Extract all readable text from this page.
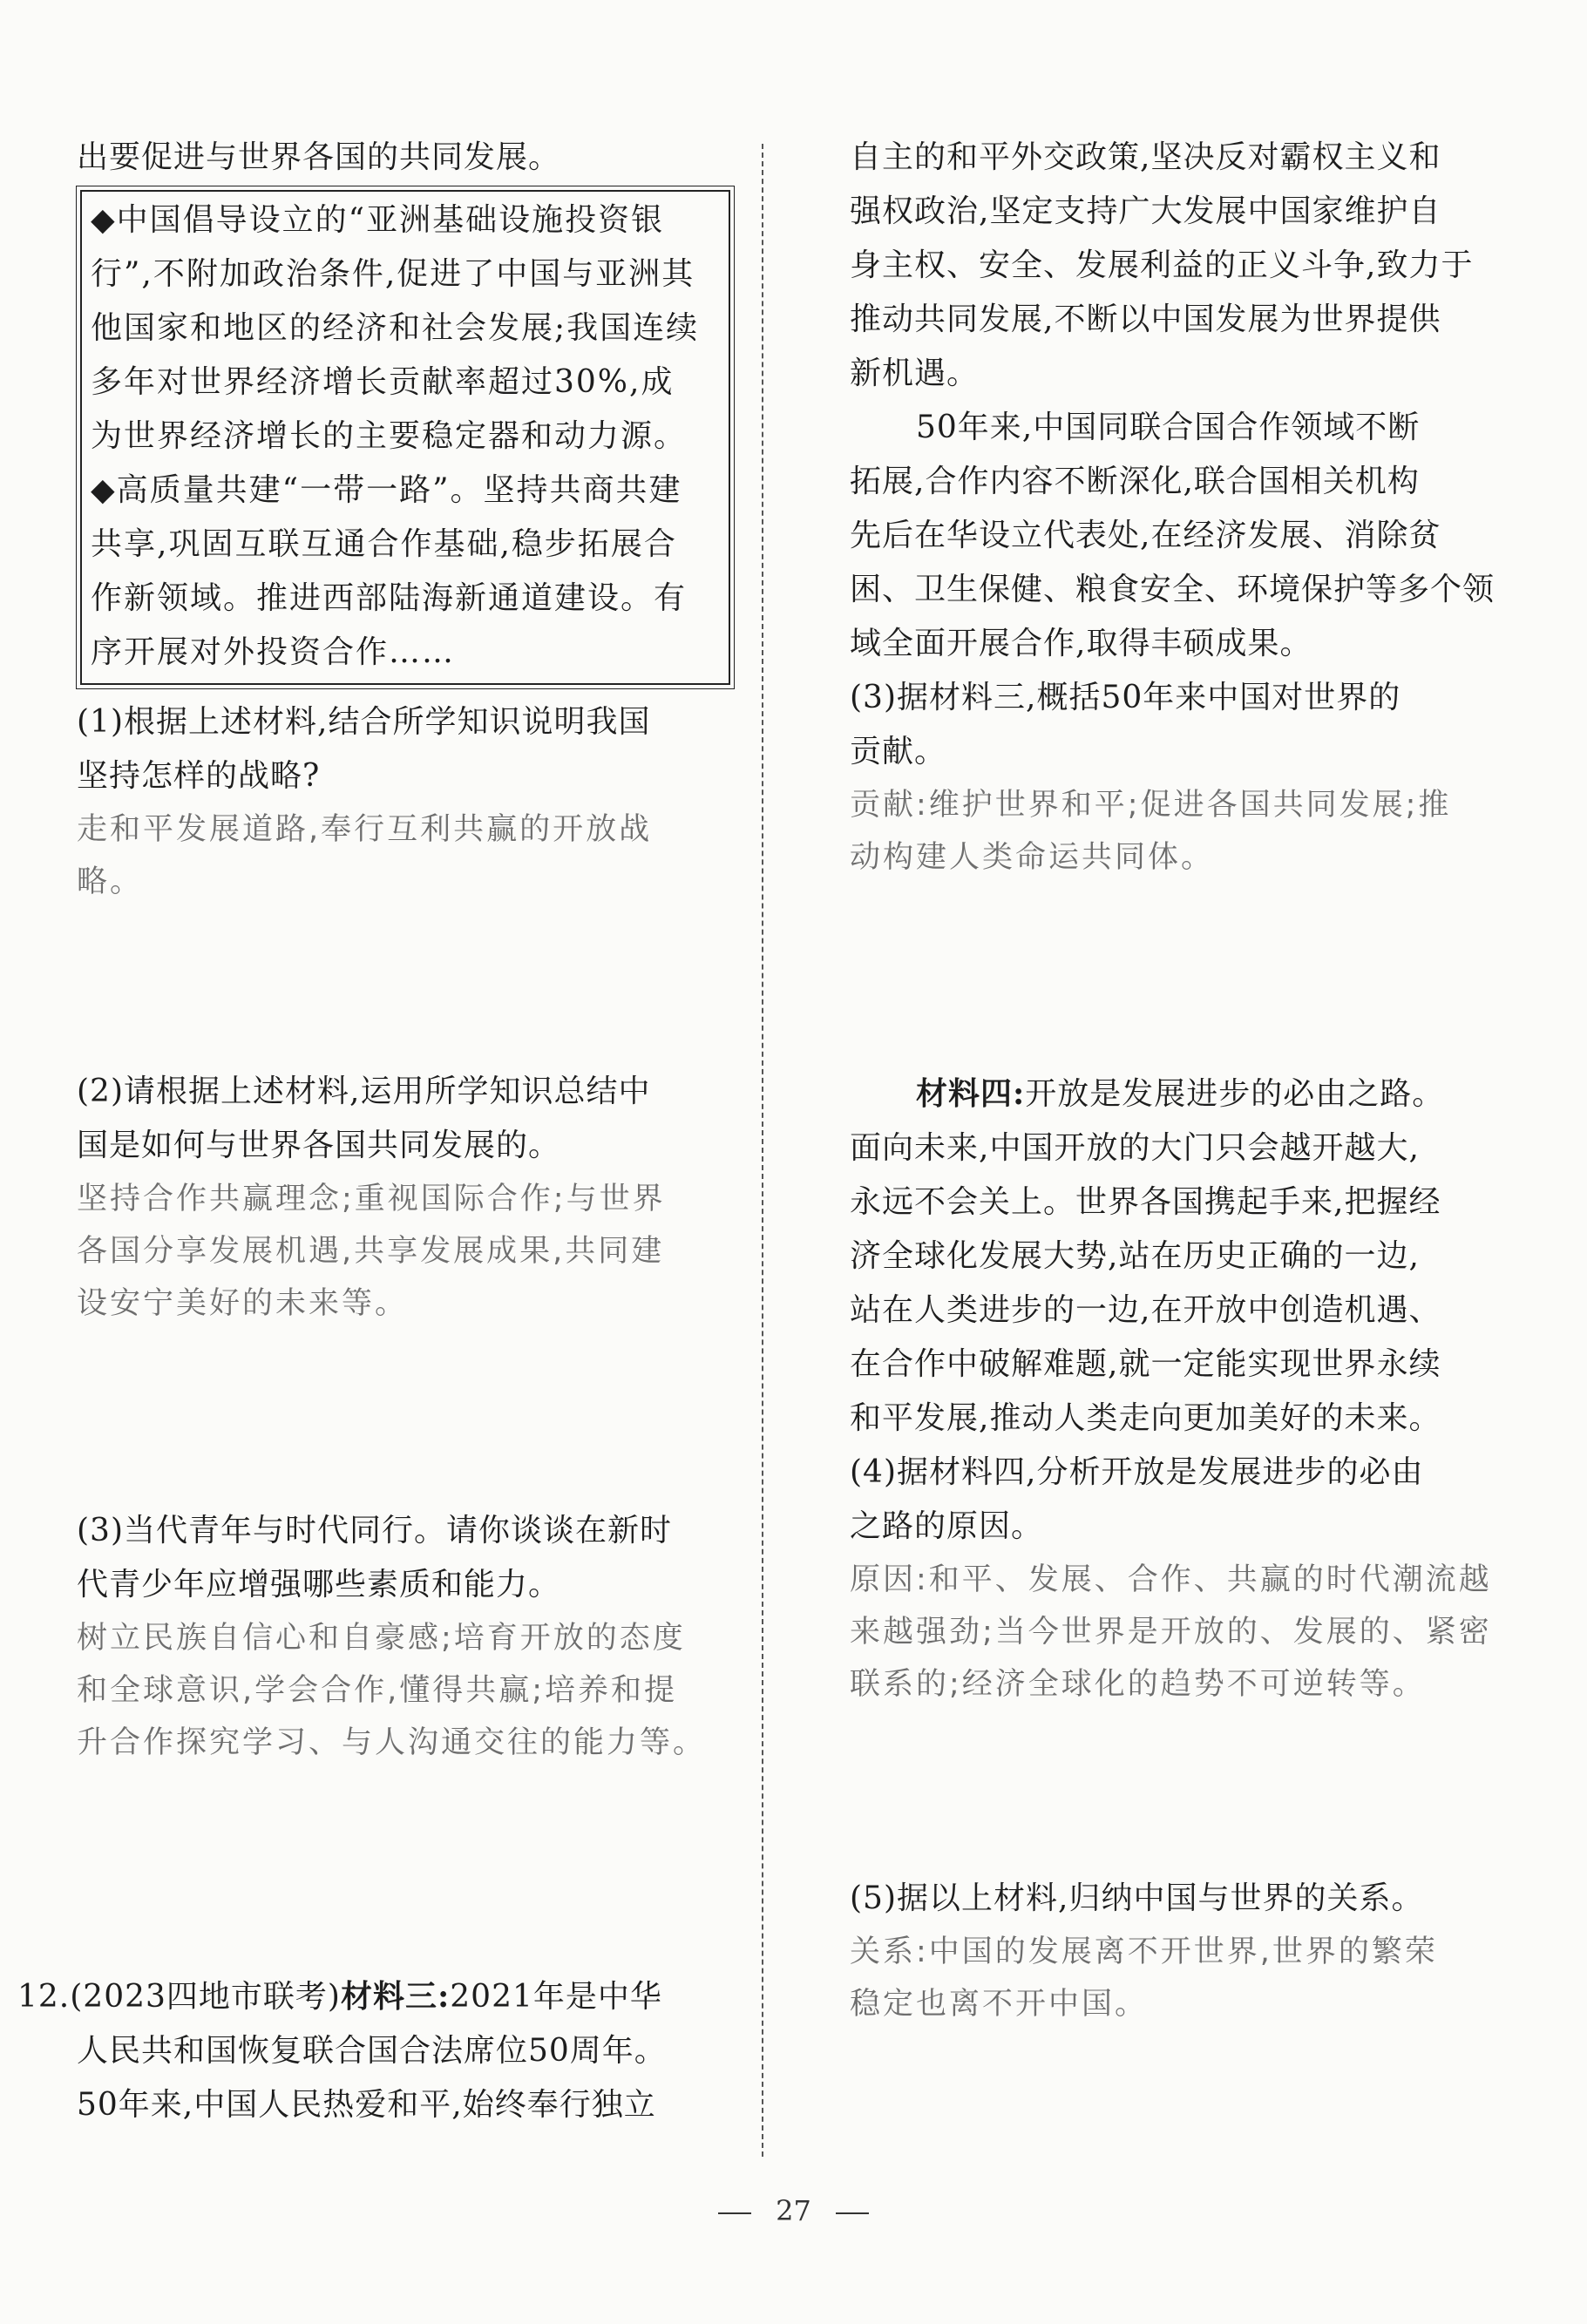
出要促进与世界各国的共同发展。
◆中国倡导设立的“亚洲基础设施投资银
行”,不附加政治条件,促进了中国与亚洲其
他国家和地区的经济和社会发展;我国连续
多年对世界经济增长贡献率超过30%,成
为世界经济增长的主要稳定器和动力源。
◆高质量共建“一带一路”。坚持共商共建
共享,巩固互联互通合作基础,稳步拓展合
作新领域。推进西部陆海新通道建设。有
序开展对外投资合作……
(1)根据上述材料,结合所学知识说明我国
坚持怎样的战略?
走和平发展道路,奉行互利共赢的开放战
略。
(2)请根据上述材料,运用所学知识总结中
国是如何与世界各国共同发展的。
坚持合作共赢理念;重视国际合作;与世界
各国分享发展机遇,共享发展成果,共同建
设安宁美好的未来等。
(3)当代青年与时代同行。请你谈谈在新时
代青少年应增强哪些素质和能力。
树立民族自信心和自豪感;培育开放的态度
和全球意识,学会合作,懂得共赢;培养和提
升合作探究学习、与人沟通交往的能力等。
12.(2023四地市联考)材料三:2021年是中华
人民共和国恢复联合国合法席位50周年。
50年来,中国人民热爱和平,始终奉行独立
自主的和平外交政策,坚决反对霸权主义和
强权政治,坚定支持广大发展中国家维护自
身主权、安全、发展利益的正义斗争,致力于
推动共同发展,不断以中国发展为世界提供
新机遇。
50年来,中国同联合国合作领域不断
拓展,合作内容不断深化,联合国相关机构
先后在华设立代表处,在经济发展、消除贫
困、卫生保健、粮食安全、环境保护等多个领
域全面开展合作,取得丰硕成果。
(3)据材料三,概括50年来中国对世界的
贡献。
贡献:维护世界和平;促进各国共同发展;推
动构建人类命运共同体。
材料四:开放是发展进步的必由之路。
面向未来,中国开放的大门只会越开越大,
永远不会关上。世界各国携起手来,把握经
济全球化发展大势,站在历史正确的一边,
站在人类进步的一边,在开放中创造机遇、
在合作中破解难题,就一定能实现世界永续
和平发展,推动人类走向更加美好的未来。
(4)据材料四,分析开放是发展进步的必由
之路的原因。
原因:和平、发展、合作、共赢的时代潮流越
来越强劲;当今世界是开放的、发展的、紧密
联系的;经济全球化的趋势不可逆转等。
(5)据以上材料,归纳中国与世界的关系。
关系:中国的发展离不开世界,世界的繁荣
稳定也离不开中国。
27
